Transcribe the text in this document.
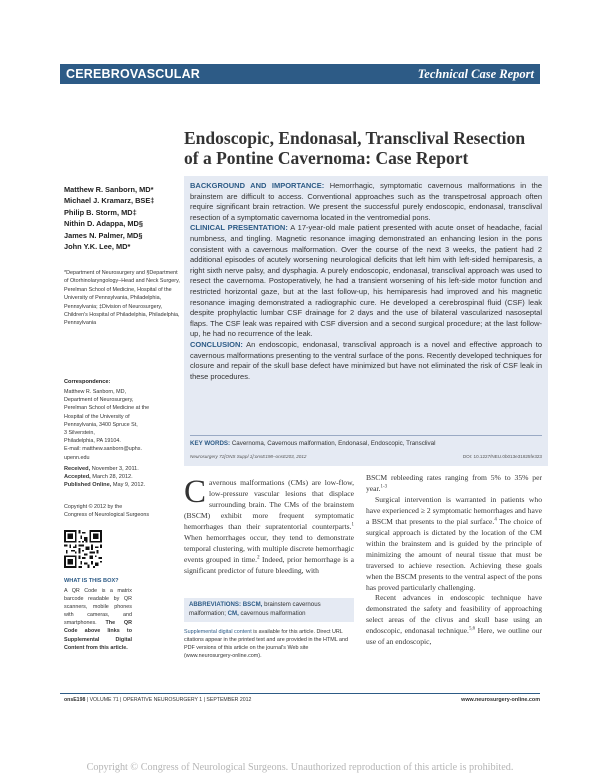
CEREBROVASCULAR	Technical Case Report
Endoscopic, Endonasal, Transclival Resection of a Pontine Cavernoma: Case Report
Matthew R. Sanborn, MD*
Michael J. Kramarz, BSE‡
Philip B. Storm, MD‡
Nithin D. Adappa, MD§
James N. Palmer, MD§
John Y.K. Lee, MD*
*Department of Neurosurgery and §Department of Otorhinolaryngology–Head and Neck Surgery, Perelman School of Medicine, Hospital of the University of Pennsylvania, Philadelphia, Pennsylvania; ‡Division of Neurosurgery, Children's Hospital of Philadelphia, Philadelphia, Pennsylvania
Correspondence:
Matthew R. Sanborn, MD,
Department of Neurosurgery,
Perelman School of Medicine at the
Hospital of the University of
Pennsylvania, 3400 Spruce St,
3 Silverstein,
Philadelphia, PA 19104.
E-mail: matthew.sanborn@uphs.
upenn.edu
Received, November 3, 2011.
Accepted, March 28, 2012.
Published Online, May 9, 2012.
Copyright © 2012 by the
Congress of Neurological Surgeons
WHAT IS THIS BOX?
A QR Code is a matrix barcode readable by QR scanners, mobile phones with cameras, and smartphones. The QR Code above links to Supplemental Digital Content from this article.

BACKGROUND AND IMPORTANCE: Hemorrhagic, symptomatic cavernous malformations in the brainstem are difficult to access. Conventional approaches such as the transpetrosal approach often require significant brain retraction. We present the successful purely endoscopic, endonasal, transclival resection of a symptomatic cavernoma located in the ventromedial pons.

CLINICAL PRESENTATION: A 17-year-old male patient presented with acute onset of headache, facial numbness, and tingling. Magnetic resonance imaging demonstrated an enhancing lesion in the pons consistent with a cavernous malformation. Over the course of the next 3 weeks, the patient had 2 additional episodes of acutely worsening neurological deficits that left him with left-sided hemiparesis, a right sixth nerve palsy, and dysphagia. A purely endoscopic, endonasal, transclival approach was used to resect the cavernoma. Postoperatively, he had a transient worsening of his left-side motor function and restricted horizontal gaze, but at the last follow-up, his hemiparesis had improved and his magnetic resonance imaging demonstrated a radiographic cure. He developed a cerebrospinal fluid (CSF) leak despite prophylactic lumbar CSF drainage for 2 days and the use of bilateral vascularized nasoseptal flaps. The CSF leak was repaired with CSF diversion and a second surgical procedure; at the last follow-up, he had no recurrence of the leak.

CONCLUSION: An endoscopic, endonasal, transclival approach is a novel and effective approach to cavernous malformations presenting to the ventral surface of the pons. Recently developed techniques for closure and repair of the skull base defect have minimized but have not eliminated the risk of CSF leak in these procedures.

KEY WORDS: Cavernoma, Cavernous malformation, Endonasal, Endoscopic, Transclival
Neurosurgery 71[ONS Suppl 1]:onsE198–onsE203, 2012	DOI: 10.1227/NEU.0b013e31825fe323
Cavernous malformations (CMs) are low-flow, low-pressure vascular lesions that displace surrounding brain. The CMs of the brainstem (BSCM) exhibit more frequent symptomatic hemorrhages than their supratentorial counterparts.$^1$ When hemorrhages occur, they tend to demonstrate temporal clustering, with multiple discrete hemorrhagic events grouped in time.$^2$ Indeed, prior hemorrhage is a significant predictor of future bleeding, with
ABBREVIATIONS: BSCM, brainstem cavernous malformation; CM, cavernous malformation
Supplemental digital content is available for this article. Direct URL citations appear in the printed text and are provided in the HTML and PDF versions of this article on the journal's Web site (www.neurosurgery-online.com).

BSCM rebleeding rates ranging from 5% to 35% per year.$^{1-3}$

Surgical intervention is warranted in patients who have experienced ≥ 2 symptomatic hemorrhages and have a BSCM that presents to the pial surface.$^4$ The choice of surgical approach is dictated by the location of the CM within the brainstem and is guided by the principle of minimizing the amount of neural tissue that must be traversed to achieve resection. Achieving these goals when the BSCM presents to the ventral aspect of the pons has proved particularly challenging.

Recent advances in endoscopic technique have demonstrated the safety and feasibility of approaching select areas of the clivus and skull base using an endoscopic, endonasal technique.$^{5,6}$ Here, we outline our use of an endoscopic,

onsE198 | VOLUME 71 | OPERATIVE NEUROSURGERY 1 | SEPTEMBER 2012	www.neurosurgery-online.com
Copyright © Congress of Neurological Surgeons. Unauthorized reproduction of this article is prohibited.
